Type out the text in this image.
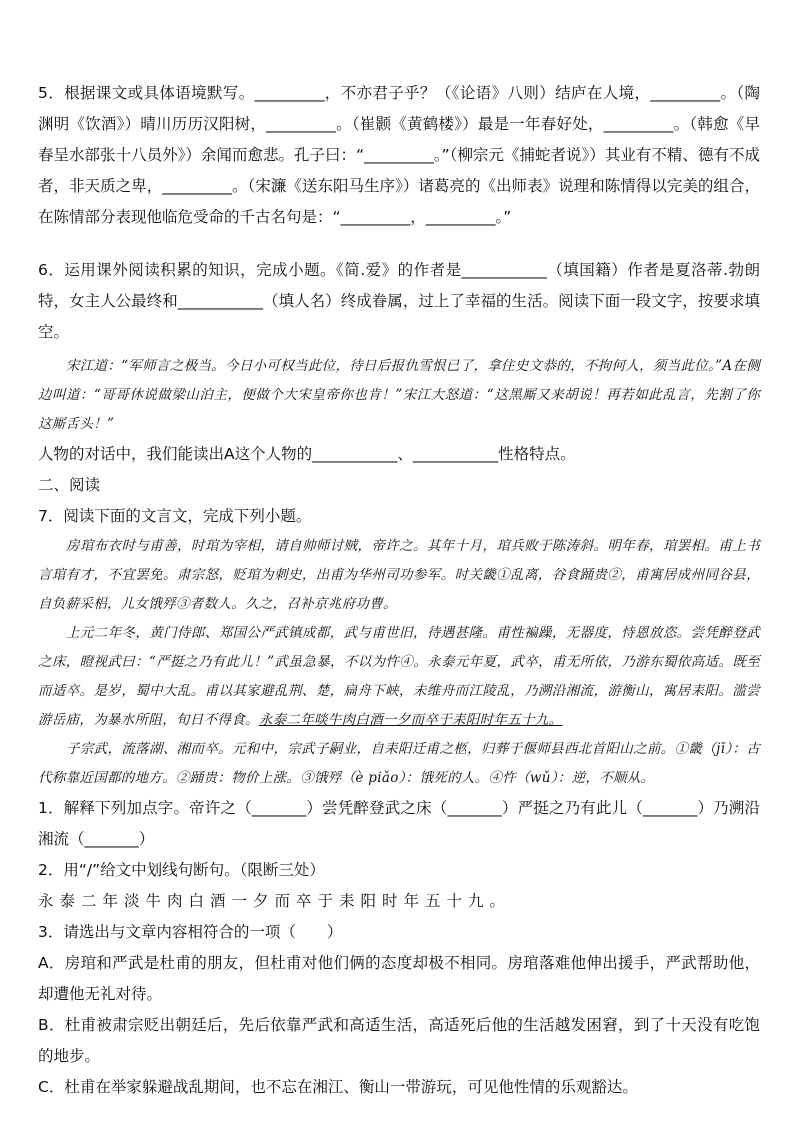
5．根据课文或具体语境默写。_________，不亦君子乎？（《论语》八则）结庐在人境，_________。（陶渊明《饮酒》）晴川历历汉阳树，_________。（崔颢《黄鹤楼》）最是一年春好处，_________。（韩愈《早春呈水部张十八员外》）余闻而愈悲。孔子曰：“_________。”（柳宗元《捕蛇者说》）其业有不精、德有不成者，非天质之卑，_________。（宋濂《送东阳马生序》）诸葛亮的《出师表》说理和陈情得以完美的组合，在陈情部分表现他临危受命的千古名句是：“_________，_________。”

6．运用课外阅读积累的知识，完成小题。《简.爱》的作者是___________（填国籍）作者是夏洛蒂.勃朗特，女主人公最终和___________（填人名）终成眷属，过上了幸福的生活。阅读下面一段文字，按要求填空。

宋江道：“军师言之极当。今日小可权当此位，待日后报仇雪恨已了，拿住史文恭的，不拘何人，须当此位。”A在侧边叫道：“哥哥休说做梁山泊主，便做个大宋皇帝你也肯！”宋江大怒道：“这黑厮又来胡说！再若如此乱言，先割了你这厮舌头！”

人物的对话中，我们能读出A这个人物的___________、___________性格特点。

二、阅读

7．阅读下面的文言文，完成下列小题。

房琯布衣时与甫善，时琯为宰相，请自帅师讨贼，帝许之。其年十月，琯兵败于陈涛斜。明年春，琯罢相。甫上书言琯有才，不宜罢免。肃宗怒，贬琯为刺史，出甫为华州司功参军。时关畿①乱离，谷食踊贵②，甫寓居成州同谷县，自负薪采梠，儿女饿殍③者数人。久之，召补京兆府功曹。

上元二年冬，黄门侍郎、郑国公严武镇成都，武与甫世旧，待遇甚隆。甫性褊躁，无器度，恃恩放恣。尝凭醉登武之床，瞪视武曰：“严挺之乃有此儿！”武虽急暴，不以为忤④。永泰元年夏，武卒，甫无所依，乃游东蜀依高适。既至而适卒。是岁，蜀中大乱。甫以其家避乱荆、楚，扁舟下峡，未维舟而江陵乱，乃溯沿湘流，游衡山，寓居耒阳。滥尝游岳庙，为暴水所阻，旬日不得食。永泰二年啖牛肉白酒一夕而卒于耒阳时年五十九。

子宗武，流落湖、湘而卒。元和中，宗武子嗣业，自耒阳迁甫之柩，归葬于偃师县西北首阳山之前。①畿（jī）：古代称靠近国都的地方。②踊贵：物价上涨。③饿殍（è piǎo）：饿死的人。④忤（wǔ）：逆，不顺从。

1．解释下列加点字。帝许之（_______）尝凭醉登武之床（_______）严挺之乃有此儿（_______）乃溯沿湘流（_______）

2．用“/”给文中划线句断句。（限断三处）

永泰二年淡牛肉白酒一夕而卒于耒阳时年五十九。

3．请选出与文章内容相符合的一项（　　）

A．房琯和严武是杜甫的朋友，但杜甫对他们俩的态度却极不相同。房琯落难他伸出援手，严武帮助他，却遭他无礼对待。

B．杜甫被肃宗贬出朝廷后，先后依靠严武和高适生活，高适死后他的生活越发困窘，到了十天没有吃饱的地步。

C．杜甫在举家躲避战乱期间，也不忘在湘江、衡山一带游玩，可见他性情的乐观豁达。
